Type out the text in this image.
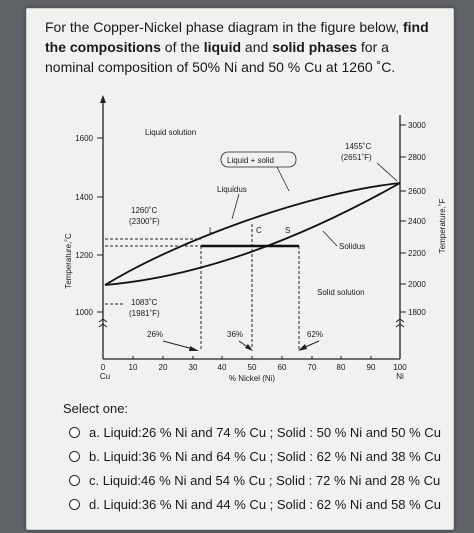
For the Copper-Nickel phase diagram in the figure below, find the compositions of the liquid and solid phases for a nominal composition of 50% Ni and 50 % Cu at 1260 ˚C.
1600
1400
1200
1000
3000
2800
2600
2400
2200
2000
1800
Temperature,˚C
Temperature,˚F
0	10	20	30	40	50	60	70	80	90 100
Cu	Ni
% Nickel (Ni)
Liquid solution
Liquid + solid
Liquidus
1455˚C
(2651˚F)
1260˚C
(2300˚F)
L	C	S
Solidus
Solid solution
1083˚C
(1981˚F)
26%	36%	62%
Select one:
a. Liquid:26 % Ni and 74 % Cu ; Solid : 50 % Ni and 50 % Cu
b. Liquid:36 % Ni and 64 % Cu ; Solid : 62 % Ni and 38 % Cu
c. Liquid:46 % Ni and 54 % Cu ; Solid : 72 % Ni and 28 % Cu
d. Liquid:36 % Ni and 44 % Cu ; Solid : 62 % Ni and 58 % Cu
